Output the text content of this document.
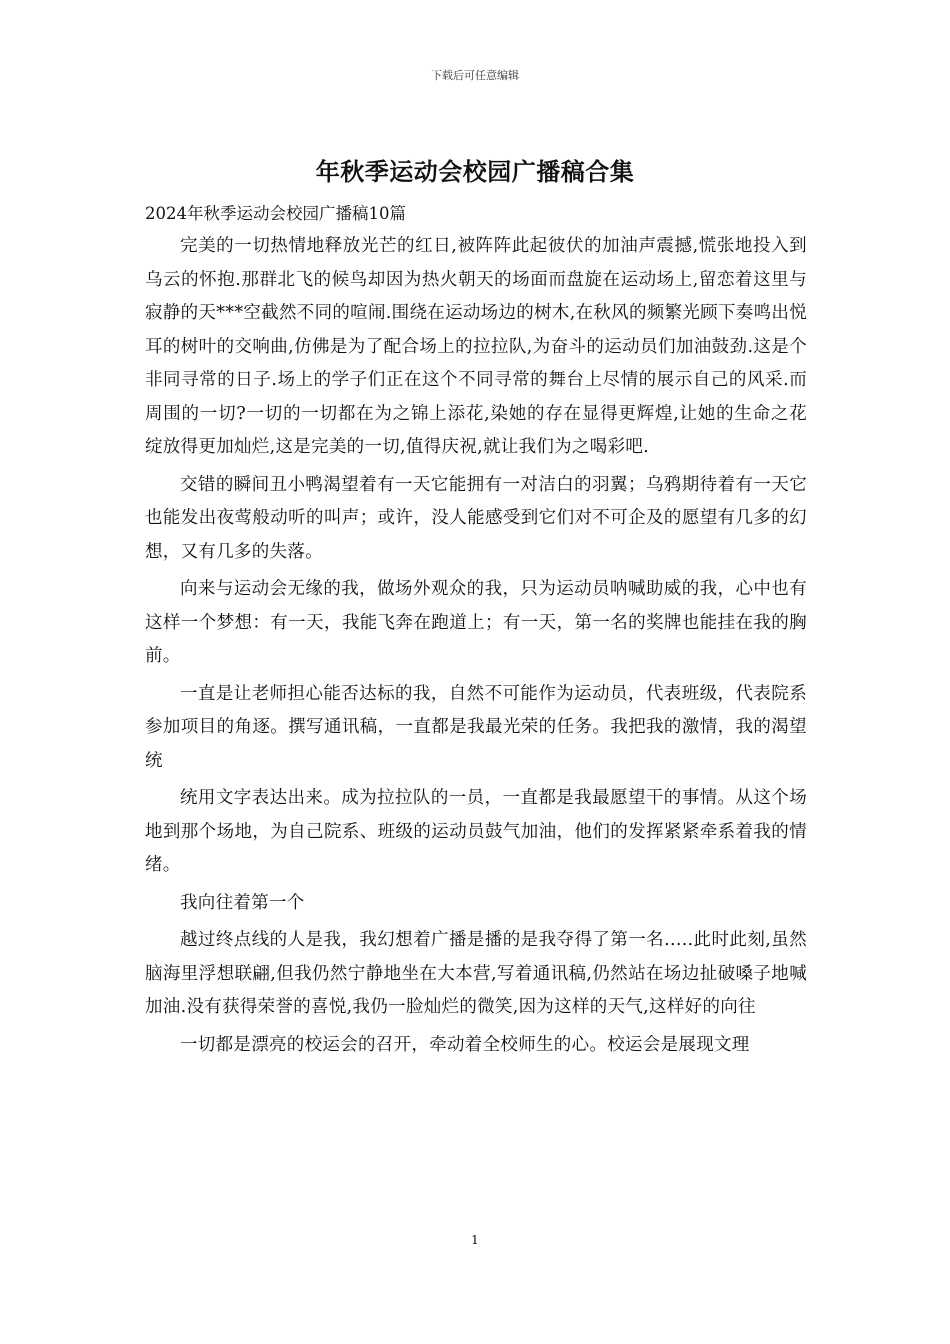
下载后可任意编辑
年秋季运动会校园广播稿合集

2024年秋季运动会校园广播稿10篇

完美的一切热情地释放光芒的红日,被阵阵此起彼伏的加油声震撼,慌张地投入到乌云的怀抱.那群北飞的候鸟却因为热火朝天的场面而盘旋在运动场上,留恋着这里与寂静的天***空截然不同的喧闹.围绕在运动场边的树木,在秋风的频繁光顾下奏鸣出悦耳的树叶的交响曲,仿佛是为了配合场上的拉拉队,为奋斗的运动员们加油鼓劲.这是个非同寻常的日子.场上的学子们正在这个不同寻常的舞台上尽情的展示自己的风采.而周围的一切?一切的一切都在为之锦上添花,染她的存在显得更辉煌,让她的生命之花绽放得更加灿烂,这是完美的一切,值得庆祝,就让我们为之喝彩吧.

交错的瞬间丑小鸭渴望着有一天它能拥有一对洁白的羽翼；乌鸦期待着有一天它也能发出夜莺般动听的叫声；或许，没人能感受到它们对不可企及的愿望有几多的幻想，又有几多的失落。

向来与运动会无缘的我，做场外观众的我，只为运动员呐喊助威的我，心中也有这样一个梦想：有一天，我能飞奔在跑道上；有一天，第一名的奖牌也能挂在我的胸前。

一直是让老师担心能否达标的我，自然不可能作为运动员，代表班级，代表院系参加项目的角逐。撰写通讯稿，一直都是我最光荣的任务。我把我的激情，我的渴望统

统用文字表达出来。成为拉拉队的一员，一直都是我最愿望干的事情。从这个场地到那个场地，为自己院系、班级的运动员鼓气加油，他们的发挥紧紧牵系着我的情绪。

我向往着第一个

越过终点线的人是我，我幻想着广播是播的是我夺得了第一名.....此时此刻,虽然脑海里浮想联翩,但我仍然宁静地坐在大本营,写着通讯稿,仍然站在场边扯破嗓子地喊加油.没有获得荣誉的喜悦,我仍一脸灿烂的微笑,因为这样的天气,这样好的向往

一切都是漂亮的校运会的召开，牵动着全校师生的心。校运会是展现文理

1
